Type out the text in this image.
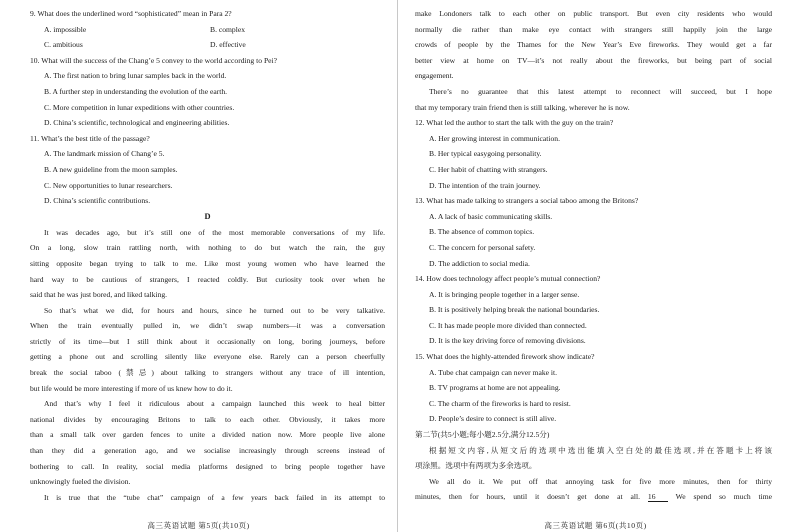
9. What does the underlined word “sophisticated” mean in Para 2?
A. impossible	B. complex
C. ambitious	D. effective
10. What will the success of the Chang’e 5 convey to the world according to Pei?
A. The first nation to bring lunar samples back in the world.
B. A further step in understanding the evolution of the earth.
C. More competition in lunar expeditions with other countries.
D. China’s scientific, technological and engineering abilities.
11. What’s the best title of the passage?
A. The landmark mission of Chang’e 5.
B. A new guideline from the moon samples.
C. New opportunities to lunar researchers.
D. China’s scientific contributions.
D
It was decades ago, but it’s still one of the most memorable conversations of my life.
On a long, slow train rattling north, with nothing to do but watch the rain, the guy
sitting opposite began trying to talk to me. Like most young women who have learned the
hard way to be cautious of strangers, I reacted coldly. But curiosity took over when he
said that he was just bored, and liked talking.
So that’s what we did, for hours and hours, since he turned out to be very talkative.
When the train eventually pulled in, we didn’t swap numbers—it was a conversation
strictly of its time—but I still think about it occasionally on long, boring journeys, before
getting a phone out and scrolling silently like everyone else. Rarely can a person cheerfully
break the social taboo (禁忌) about talking to strangers without any trace of ill intention,
but life would be more interesting if more of us knew how to do it.
And that’s why I feel it ridiculous about a campaign launched this week to heal bitter
national divides by encouraging Britons to talk to each other. Obviously, it takes more
than a small talk over garden fences to unite a divided nation now. More people live alone
than they did a generation ago, and we socialise increasingly through screens instead of
bothering to call. In reality, social media platforms designed to bring people together have
unknowingly fueled the division.
It is true that the “tube chat” campaign of a few years back failed in its attempt to
高三英语试题 第5页(共10页)
make Londoners talk to each other on public transport. But even city residents who would
normally die rather than make eye contact with strangers still happily join the large
crowds of people by the Thames for the New Year’s Eve fireworks. They would get a far
better view at home on TV—it’s not really about the fireworks, but being part of social
engagement.
There’s no guarantee that this latest attempt to reconnect will succeed, but I hope
that my temporary train friend then is still talking, wherever he is now.
12. What led the author to start the talk with the guy on the train?
A. Her growing interest in communication.
B. Her typical easygoing personality.
C. Her habit of chatting with strangers.
D. The intention of the train journey.
13. What has made talking to strangers a social taboo among the Britons?
A. A lack of basic communicating skills.
B. The absence of common topics.
C. The concern for personal safety.
D. The addiction to social media.
14. How does technology affect people’s mutual connection?
A. It is bringing people together in a larger sense.
B. It is positively helping break the national boundaries.
C. It has made people more divided than connected.
D. It is the key driving force of removing divisions.
15. What does the highly-attended firework show indicate?
A. Tube chat campaign can never make it.
B. TV programs at home are not appealing.
C. The charm of the fireworks is hard to resist.
D. People’s desire to connect is still alive.
第二节(共5小题;每小题2.5分,满分12.5分)
根据短文内容,从短文后的选项中选出能填入空白处的最佳选项,并在答题卡上将该
项涂黑。选项中有两项为多余选项。
We all do it. We put off that annoying task for five more minutes, then for thirty
minutes, then for hours, until it doesn’t get done at all. 16	We spend so much time
高三英语试题 第6页(共10页)
